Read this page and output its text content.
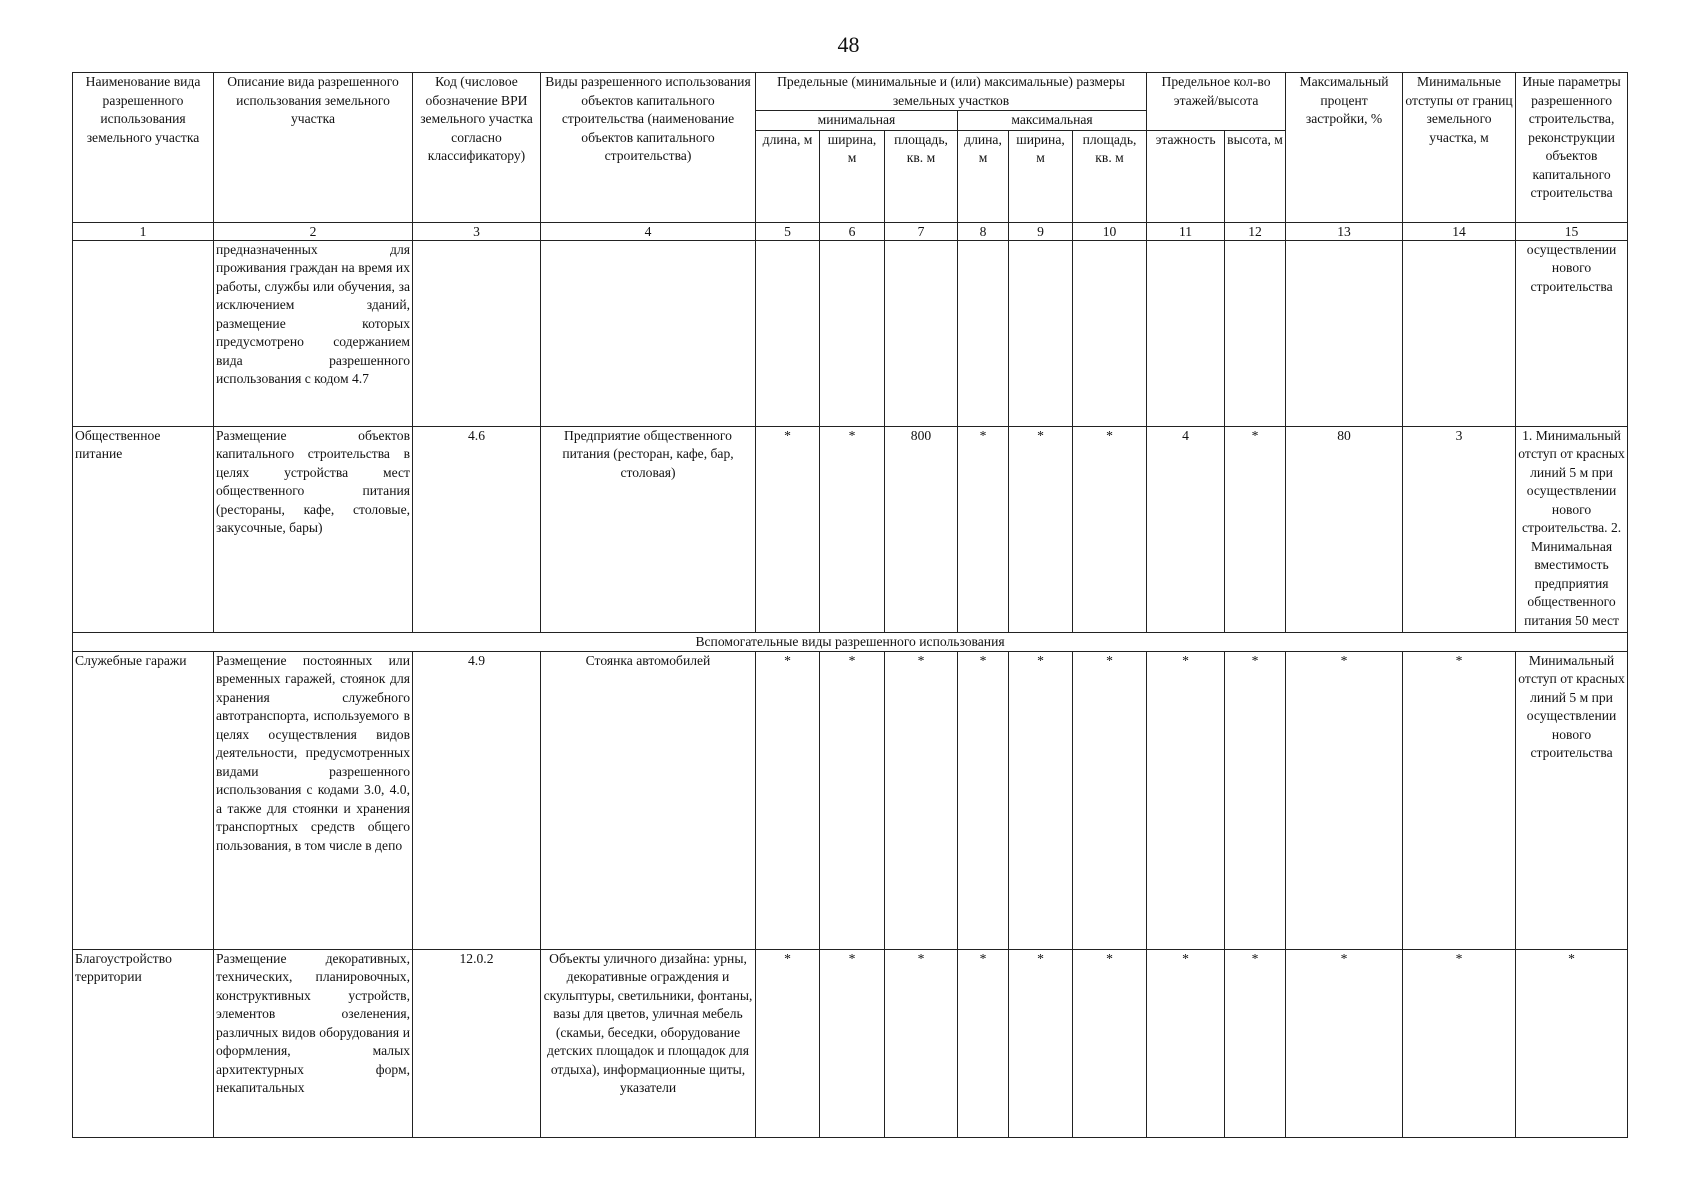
48
Наименование вида разрешенного использования земельного участка	Описание вида разрешенного использования земельного участка	Код (числовое обозначение ВРИ земельного участка согласно классификатору)	Виды разрешенного использования объектов капитального строительства (наименование объектов капитального строительства)	Предельные (минимальные и (или) максимальные) размеры земельных участков						Предельное кол-во этажей/высота		Максимальный процент застройки, %	Минимальные отступы от границ земельного участка, м	Иные параметры разрешенного строительства, реконструкции объектов капитального строительства
				минимальная			максимальная							
				длина, м	ширина, м	площадь, кв. м	длина, м	ширина, м	площадь, кв. м	этажность	высота, м			
1	2	3	4	5	6	7	8	9	10	11	12	13	14	15
	предназначенных для проживания граждан на время их работы, службы или обучения, за исключением зданий, размещение которых предусмотрено содержанием вида разрешенного использования с кодом 4.7													осуществлении нового строительства
Общественное питание	Размещение объектов капитального строительства в целях устройства мест общественного питания (рестораны, кафе, столовые, закусочные, бары)	4.6	Предприятие общественного питания (ресторан, кафе, бар, столовая)	*	*	800	*	*	*	4	*	80	3	1. Минимальный отступ от красных линий 5 м при осуществлении нового строительства. 2. Минимальная вместимость предприятия общественного питания 50 мест
Вспомогательные виды разрешенного использования														
Служебные гаражи	Размещение постоянных или временных гаражей, стоянок для хранения служебного автотранспорта, используемого в целях осуществления видов деятельности, предусмотренных видами разрешенного использования с кодами 3.0, 4.0, а также для стоянки и хранения транспортных средств общего пользования, в том числе в депо	4.9	Стоянка автомобилей	*	*	*	*	*	*	*	*	*	*	Минимальный отступ от красных линий 5 м при осуществлении нового строительства
Благоустройство территории	Размещение декоративных, технических, планировочных, конструктивных устройств, элементов озеленения, различных видов оборудования и оформления, малых архитектурных форм, некапитальных	12.0.2	Объекты уличного дизайна: урны, декоративные ограждения и скульптуры, светильники, фонтаны, вазы для цветов, уличная мебель (скамьи, беседки, оборудование детских площадок и площадок для отдыха), информационные щиты, указатели	*	*	*	*	*	*	*	*	*	*	*
